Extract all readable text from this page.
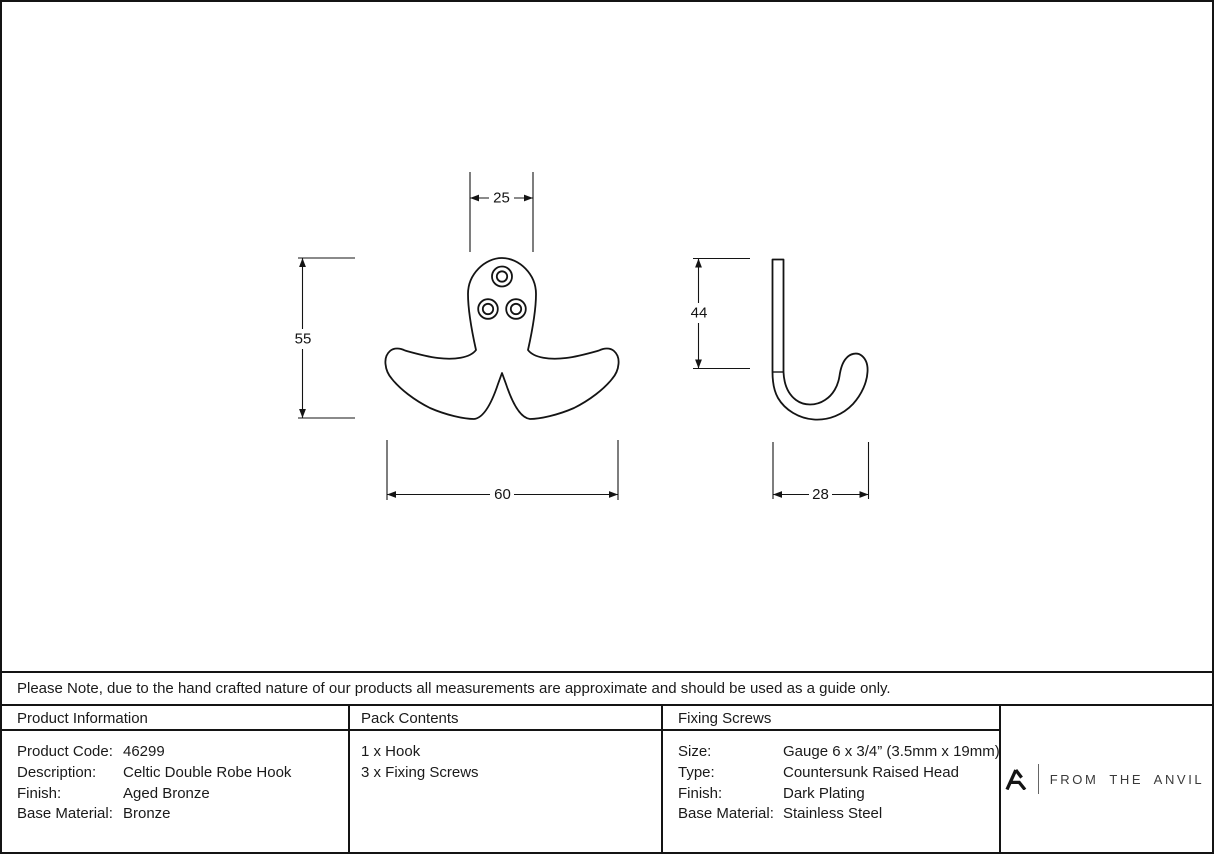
25
55
60
44
28
Please Note, due to the hand crafted nature of our products all measurements are approximate and should be used as a guide only.
Product Information	Pack Contents	Fixing Screws
Product Code: 46299
Description: Celtic Double Robe Hook
Finish:	Aged Bronze
Base Material: Bronze
1 x Hook
3 x Fixing Screws
Size:	Gauge 6 x 3/4” (3.5mm x 19mm)
Type:	Countersunk Raised Head
Finish:	Dark Plating
Base Material: Stainless Steel
FROM THE ANVIL
